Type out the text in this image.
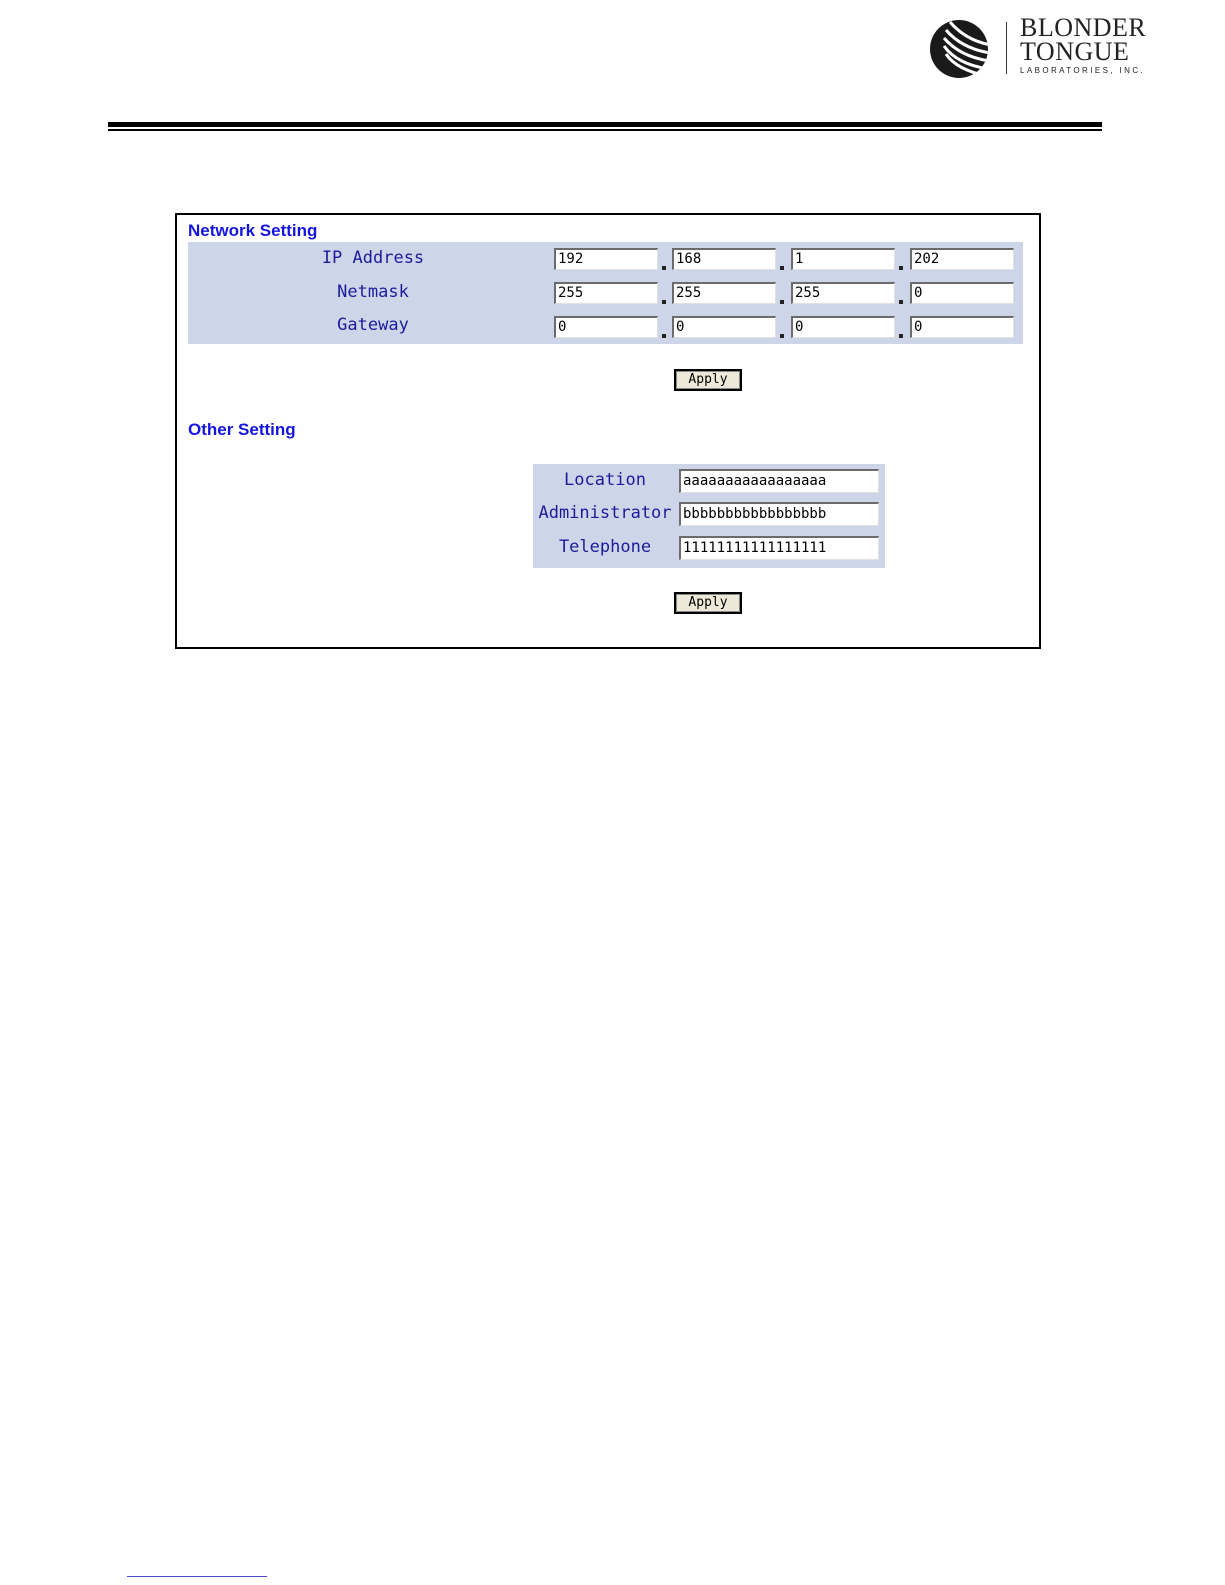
BLONDER
TONGUE
LABORATORIES, INC.
Network Setting
IP Address	192	168	1	202
Netmask	255	255	255	0
Gateway	0	0	0	0
Apply
Other Setting
Location	aaaaaaaaaaaaaaaaa
Administrator bbbbbbbbbbbbbbbbb
Telephone	11111111111111111
Apply
